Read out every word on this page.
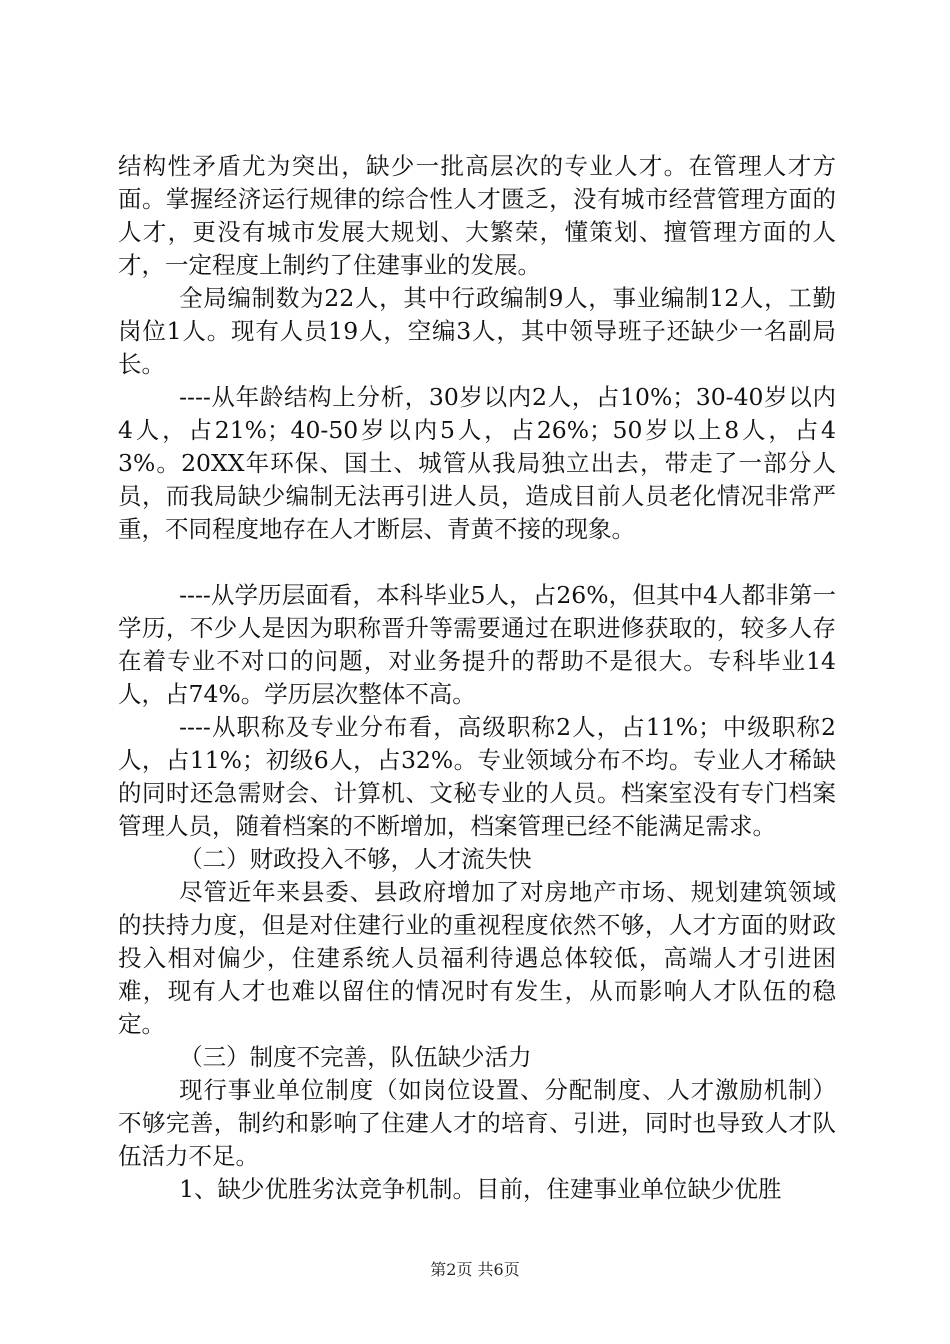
结构性矛盾尤为突出，缺少一批高层次的专业人才。在管理人才方面。掌握经济运行规律的综合性人才匮乏，没有城市经营管理方面的人才，更没有城市发展大规划、大繁荣，懂策划、擅管理方面的人才，一定程度上制约了住建事业的发展。

全局编制数为22人，其中行政编制9人，事业编制12人，工勤岗位1人。现有人员19人，空编3人，其中领导班子还缺少一名副局长。

----从年龄结构上分析，30岁以内2人，占10%；30-40岁以内4人，占21%；40-50岁以内5人，占26%；50岁以上8人，占43%。20XX年环保、国土、城管从我局独立出去，带走了一部分人员，而我局缺少编制无法再引进人员，造成目前人员老化情况非常严重，不同程度地存在人才断层、青黄不接的现象。

----从学历层面看，本科毕业5人，占26%，但其中4人都非第一学历，不少人是因为职称晋升等需要通过在职进修获取的，较多人存在着专业不对口的问题，对业务提升的帮助不是很大。专科毕业14人，占74%。学历层次整体不高。

----从职称及专业分布看，高级职称2人，占11%；中级职称2人，占11%；初级6人，占32%。专业领域分布不均。专业人才稀缺的同时还急需财会、计算机、文秘专业的人员。档案室没有专门档案管理人员，随着档案的不断增加，档案管理已经不能满足需求。

（二）财政投入不够，人才流失快

尽管近年来县委、县政府增加了对房地产市场、规划建筑领域的扶持力度，但是对住建行业的重视程度依然不够，人才方面的财政投入相对偏少，住建系统人员福利待遇总体较低，高端人才引进困难，现有人才也难以留住的情况时有发生，从而影响人才队伍的稳定。

（三）制度不完善，队伍缺少活力

现行事业单位制度（如岗位设置、分配制度、人才激励机制）不够完善，制约和影响了住建人才的培育、引进，同时也导致人才队伍活力不足。

1、缺少优胜劣汰竞争机制。目前，住建事业单位缺少优胜

第2页 共6页
